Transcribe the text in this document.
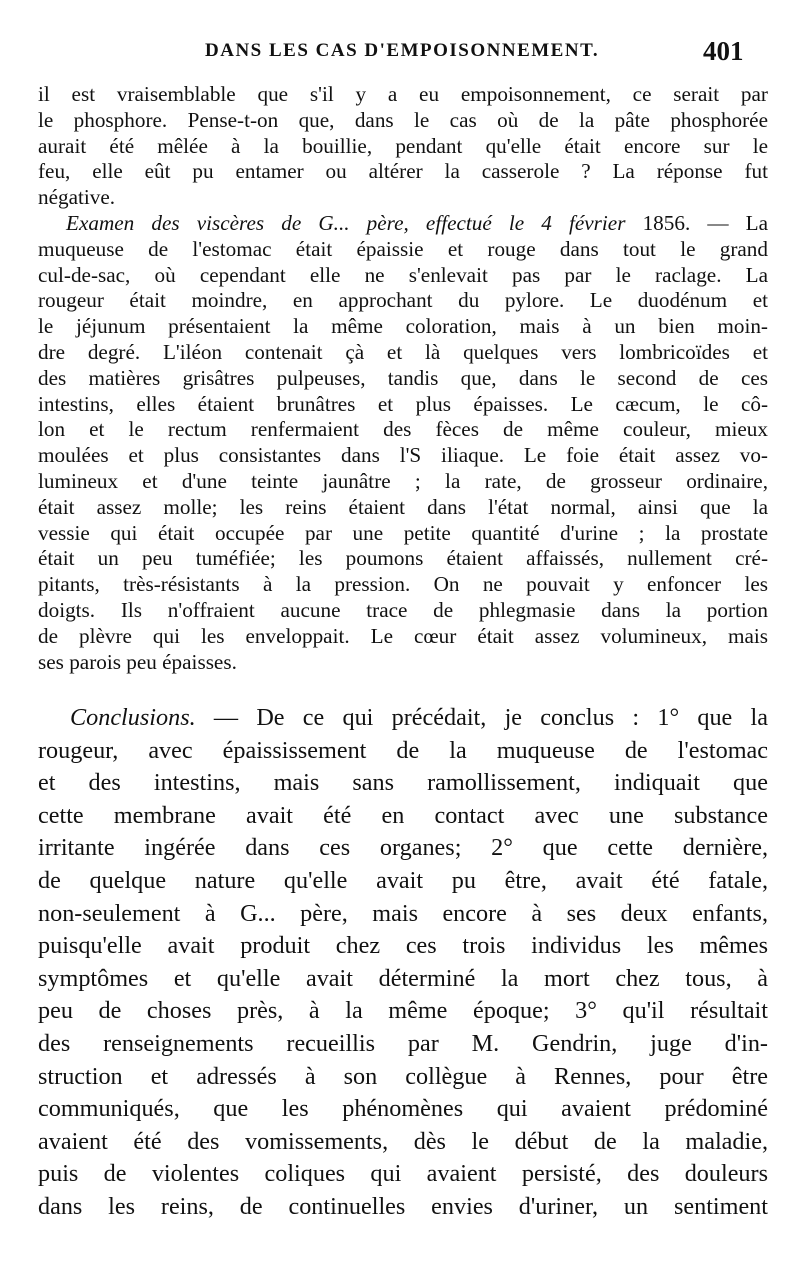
DANS LES CAS D'EMPOISONNEMENT.	401
il est vraisemblable que s'il y a eu empoisonnement, ce serait par
le phosphore. Pense-t-on que, dans le cas où de la pâte phosphorée
aurait été mêlée à la bouillie, pendant qu'elle était encore sur le
feu, elle eût pu entamer ou altérer la casserole ? La réponse fut
négative.
Examen des viscères de G... père, effectué le 4 février 1856. — La
muqueuse de l'estomac était épaissie et rouge dans tout le grand
cul-de-sac, où cependant elle ne s'enlevait pas par le raclage. La
rougeur était moindre, en approchant du pylore. Le duodénum et
le jéjunum présentaient la même coloration, mais à un bien moin-
dre degré. L'iléon contenait çà et là quelques vers lombricoïdes et
des matières grisâtres pulpeuses, tandis que, dans le second de ces
intestins, elles étaient brunâtres et plus épaisses. Le cæcum, le cô-
lon et le rectum renfermaient des fèces de même couleur, mieux
moulées et plus consistantes dans l'S iliaque. Le foie était assez vo-
lumineux et d'une teinte jaunâtre ; la rate, de grosseur ordinaire,
était assez molle; les reins étaient dans l'état normal, ainsi que la
vessie qui était occupée par une petite quantité d'urine ; la prostate
était un peu tuméfiée; les poumons étaient affaissés, nullement cré-
pitants, très-résistants à la pression. On ne pouvait y enfoncer les
doigts. Ils n'offraient aucune trace de phlegmasie dans la portion
de plèvre qui les enveloppait. Le cœur était assez volumineux, mais
ses parois peu épaisses.
Conclusions. — De ce qui précédait, je conclus : 1° que la
rougeur, avec épaississement de la muqueuse de l'estomac
et des intestins, mais sans ramollissement, indiquait que
cette membrane avait été en contact avec une substance
irritante ingérée dans ces organes; 2° que cette dernière,
de quelque nature qu'elle avait pu être, avait été fatale,
non-seulement à G... père, mais encore à ses deux enfants,
puisqu'elle avait produit chez ces trois individus les mêmes
symptômes et qu'elle avait déterminé la mort chez tous, à
peu de choses près, à la même époque; 3° qu'il résultait
des renseignements recueillis par M. Gendrin, juge d'in-
struction et adressés à son collègue à Rennes, pour être
communiqués, que les phénomènes qui avaient prédominé
avaient été des vomissements, dès le début de la maladie,
puis de violentes coliques qui avaient persisté, des douleurs
dans les reins, de continuelles envies d'uriner, un sentiment
